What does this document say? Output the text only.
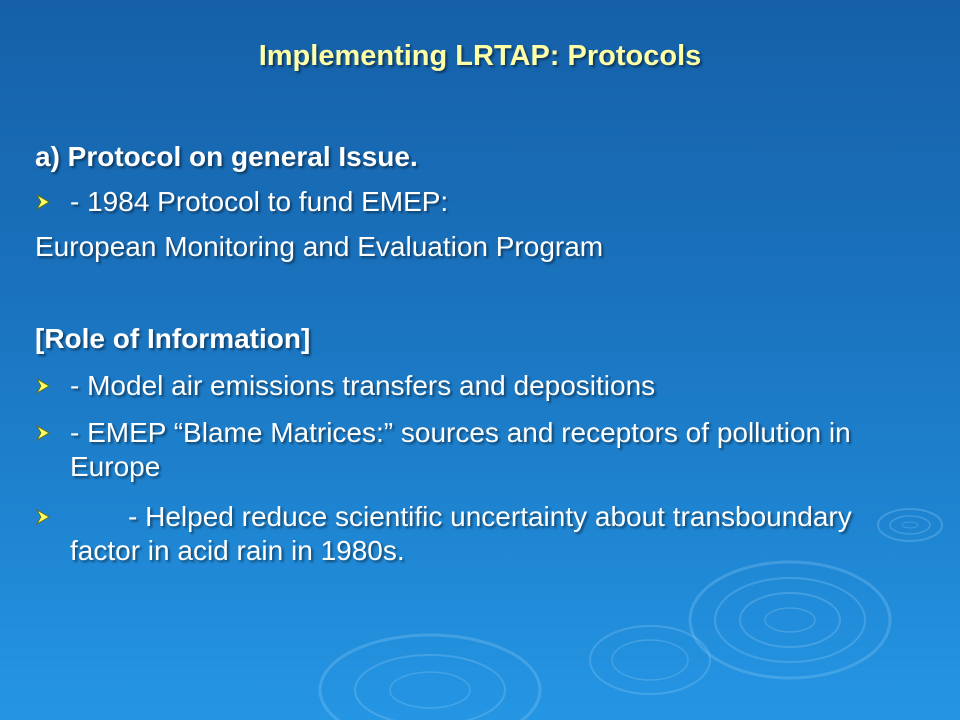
Implementing LRTAP: Protocols
a) Protocol on general Issue.
- 1984 Protocol to fund EMEP:
European Monitoring and Evaluation Program
[Role of Information]
- Model air emissions transfers and depositions
- EMEP “Blame Matrices:” sources and receptors of pollution in Europe
- Helped reduce scientific uncertainty about transboundary factor in acid rain in 1980s.
